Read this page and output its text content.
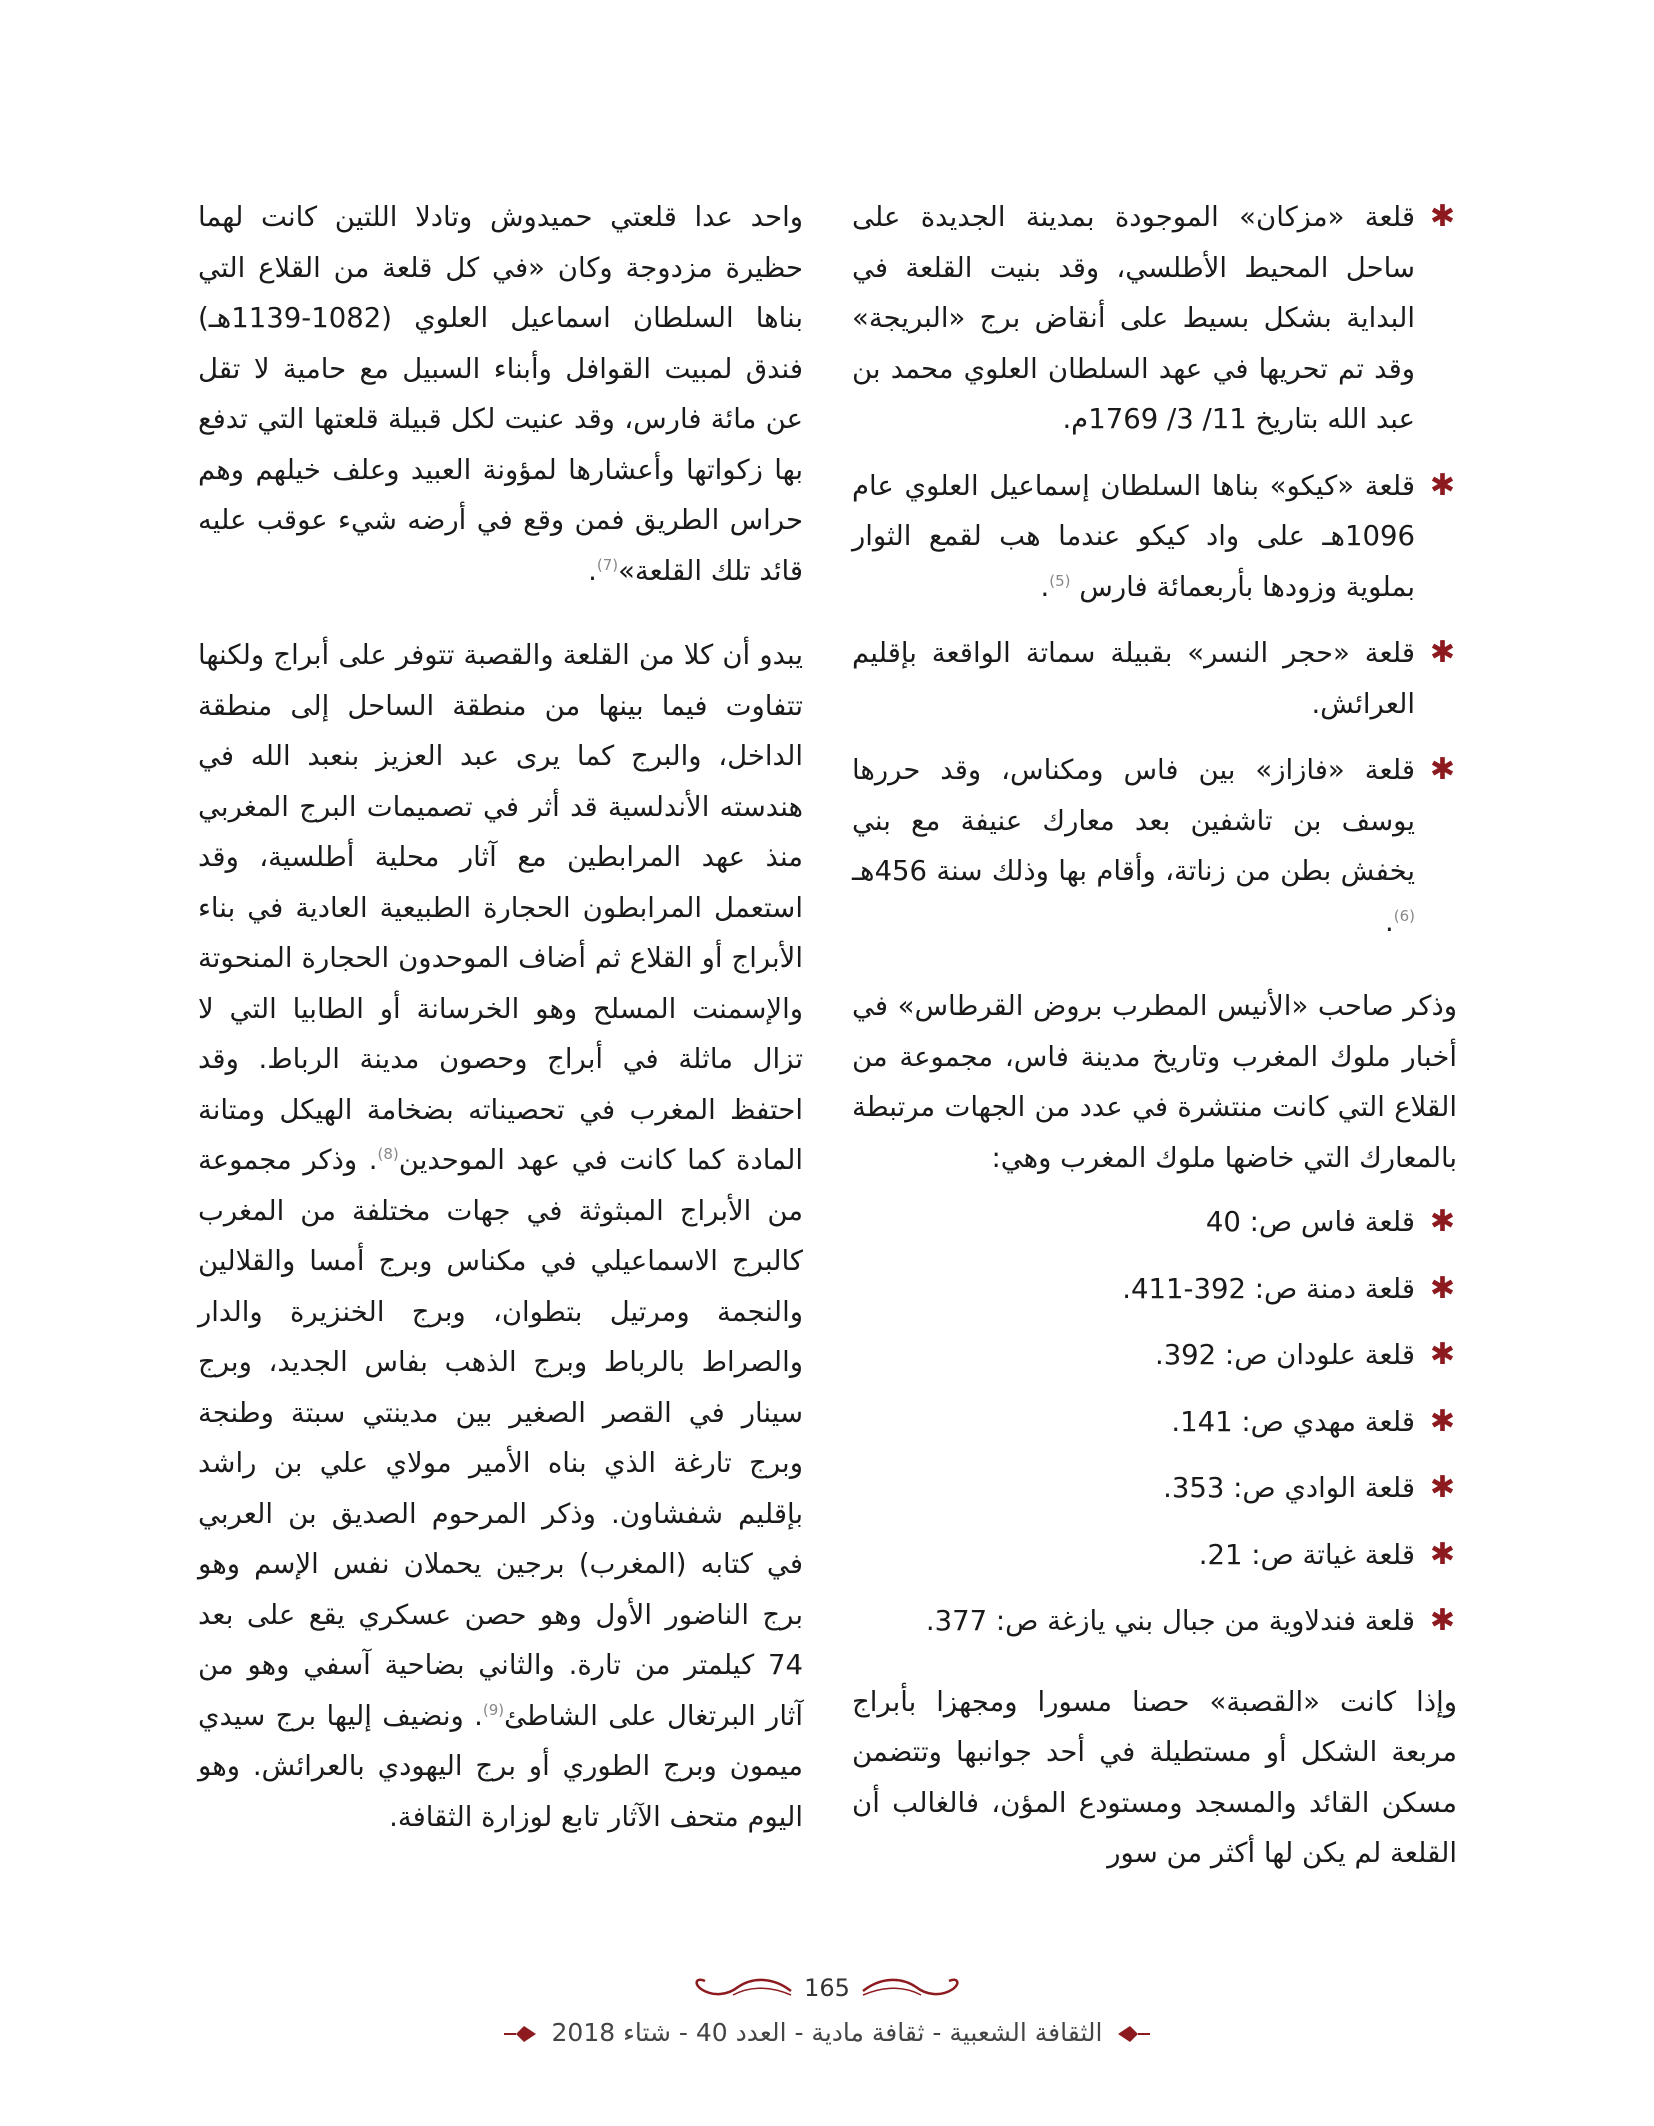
✱
قلعة «مزكان» الموجودة بمدينة الجديدة على ساحل المحيط الأطلسي، وقد بنيت القلعة في البداية بشكل بسيط على أنقاض برج «البريجة» وقد تم تحريها في عهد السلطان العلوي محمد بن عبد الله بتاريخ 11/ 3/ 1769م.
✱
قلعة «كيكو» بناها السلطان إسماعيل العلوي عام 1096هـ على واد كيكو عندما هب لقمع الثوار بملوية وزودها بأربعمائة فارس $^{(5)}$.
✱
قلعة «حجر النسر» بقبيلة سماتة الواقعة بإقليم العرائش.
✱
قلعة «فازاز» بين فاس ومكناس، وقد حررها يوسف بن تاشفين بعد معارك عنيفة مع بني يخفش بطن من زناتة، وأقام بها وذلك سنة 456هـ $^{(6)}$.

وذكر صاحب «الأنيس المطرب بروض القرطاس» في أخبار ملوك المغرب وتاريخ مدينة فاس، مجموعة من القلاع التي كانت منتشرة في عدد من الجهات مرتبطة بالمعارك التي خاضها ملوك المغرب وهي:

✱
قلعة فاس ص: 40
✱
قلعة دمنة ص: 392-411.
✱
قلعة علودان ص: 392.
✱
قلعة مهدي ص: 141.
✱
قلعة الوادي ص: 353.
✱
قلعة غياتة ص: 21.
✱
قلعة فندلاوية من جبال بني يازغة ص: 377.

وإذا كانت «القصبة» حصنا مسورا ومجهزا بأبراج مربعة الشكل أو مستطيلة في أحد جوانبها وتتضمن مسكن القائد والمسجد ومستودع المؤن، فالغالب أن القلعة لم يكن لها أكثر من سور

واحد عدا قلعتي حميدوش وتادلا اللتين كانت لهما حظيرة مزدوجة وكان «في كل قلعة من القلاع التي بناها السلطان اسماعيل العلوي (1082-1139هـ) فندق لمبيت القوافل وأبناء السبيل مع حامية لا تقل عن مائة فارس، وقد عنيت لكل قبيلة قلعتها التي تدفع بها زكواتها وأعشارها لمؤونة العبيد وعلف خيلهم وهم حراس الطريق فمن وقع في أرضه شيء عوقب عليه قائد تلك القلعة»$^{(7)}$.

يبدو أن كلا من القلعة والقصبة تتوفر على أبراج ولكنها تتفاوت فيما بينها من منطقة الساحل إلى منطقة الداخل، والبرج كما يرى عبد العزيز بنعبد الله في هندسته الأندلسية قد أثر في تصميمات البرج المغربي منذ عهد المرابطين مع آثار محلية أطلسية، وقد استعمل المرابطون الحجارة الطبيعية العادية في بناء الأبراج أو القلاع ثم أضاف الموحدون الحجارة المنحوتة والإسمنت المسلح وهو الخرسانة أو الطابيا التي لا تزال ماثلة في أبراج وحصون مدينة الرباط. وقد احتفظ المغرب في تحصيناته بضخامة الهيكل ومتانة المادة كما كانت في عهد الموحدين$^{(8)}$. وذكر مجموعة من الأبراج المبثوثة في جهات مختلفة من المغرب كالبرج الاسماعيلي في مكناس وبرج أمسا والقلالين والنجمة ومرتيل بتطوان، وبرج الخنزيرة والدار والصراط بالرباط وبرج الذهب بفاس الجديد، وبرج سينار في القصر الصغير بين مدينتي سبتة وطنجة وبرج تارغة الذي بناه الأمير مولاي علي بن راشد بإقليم شفشاون. وذكر المرحوم الصديق بن العربي في كتابه (المغرب) برجين يحملان نفس الإسم وهو برج الناضور الأول وهو حصن عسكري يقع على بعد 74 كيلمتر من تارة. والثاني بضاحية آسفي وهو من آثار البرتغال على الشاطئ$^{(9)}$. ونضيف إليها برج سيدي ميمون وبرج الطوري أو برج اليهودي بالعرائش. وهو اليوم متحف الآثار تابع لوزارة الثقافة.

165
الثقافة الشعبية - ثقافة مادية - العدد 40 - شتاء 2018
